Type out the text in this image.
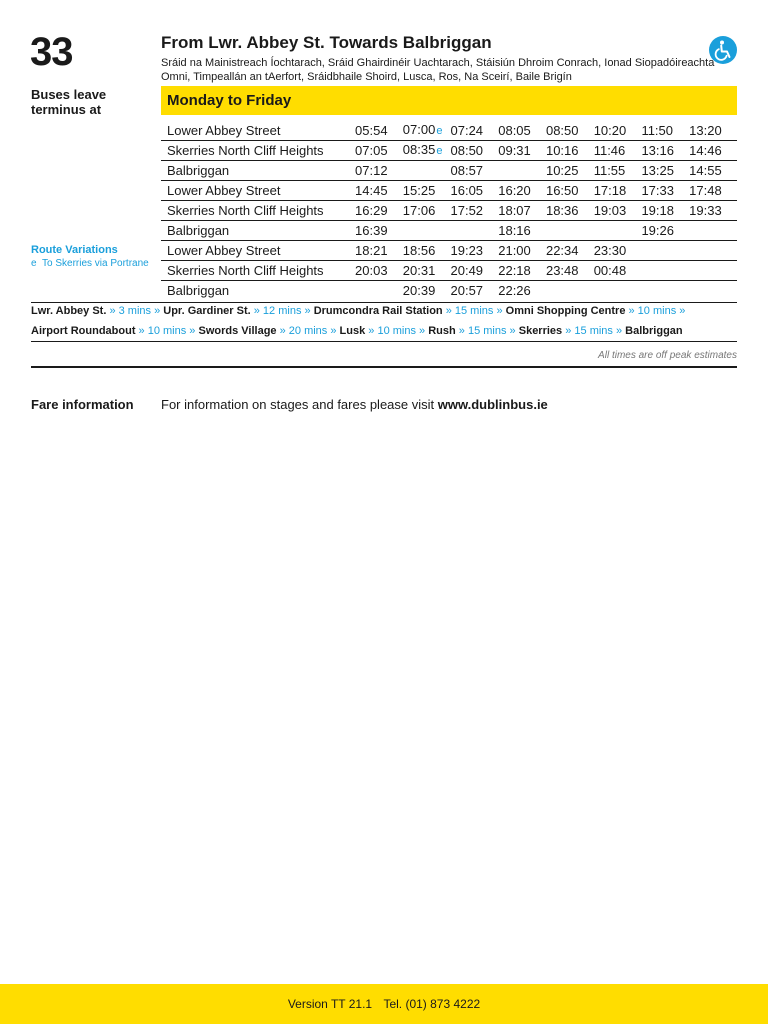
33
Buses leave terminus at
From Lwr. Abbey St. Towards Balbriggan
Sráid na Mainistreach Íochtarach, Sráid Ghairdinéir Uachtarach, Stáisiún Dhroim Conrach, Ionad Siopadóireachta Omni, Timpeallán an tAerfort, Sráidbhaile Shoird, Lusca, Ros, Na Sceirí, Baile Brigín
Monday to Friday
Lower Abbey Street	05:54	07:00e	07:24	08:05	08:50	10:20	11:50	13:20
Skerries North Cliff Heights	07:05	08:35e	08:50	09:31	10:16	11:46	13:16	14:46
Balbriggan	07:12		08:57		10:25	11:55	13:25	14:55
Lower Abbey Street	14:45	15:25	16:05	16:20	16:50	17:18	17:33	17:48
Skerries North Cliff Heights	16:29	17:06	17:52	18:07	18:36	19:03	19:18	19:33
Balbriggan	16:39			18:16			19:26	
Lower Abbey Street	18:21	18:56	19:23	21:00	22:34	23:30		
Skerries North Cliff Heights	20:03	20:31	20:49	22:18	23:48	00:48		
Balbriggan		20:39	20:57	22:26				
Route Variations
e To Skerries via Portrane
Lwr. Abbey St. » 3 mins » Upr. Gardiner St. » 12 mins » Drumcondra Rail Station » 15 mins » Omni Shopping Centre » 10 mins »
Airport Roundabout » 10 mins » Swords Village » 20 mins » Lusk » 10 mins » Rush » 15 mins » Skerries » 15 mins » Balbriggan
All times are off peak estimates
Fare information For information on stages and fares please visit www.dublinbus.ie
Version TT 21.1 Tel. (01) 873 4222
